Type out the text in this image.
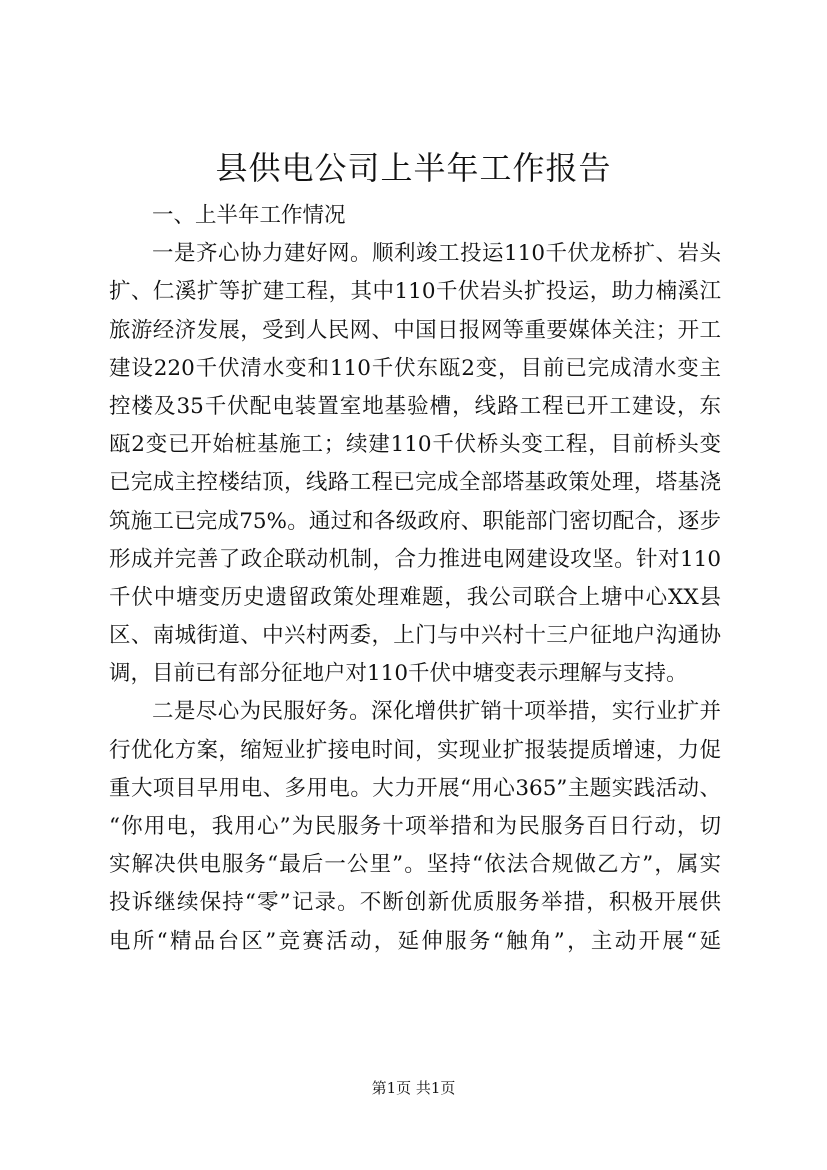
县供电公司上半年工作报告
一、上半年工作情况
一是齐心协力建好网。顺利竣工投运110千伏龙桥扩、岩头
扩、仁溪扩等扩建工程，其中110千伏岩头扩投运，助力楠溪江
旅游经济发展，受到人民网、中国日报网等重要媒体关注；开工
建设220千伏清水变和110千伏东瓯2变，目前已完成清水变主
控楼及35千伏配电装置室地基验槽，线路工程已开工建设，东
瓯2变已开始桩基施工；续建110千伏桥头变工程，目前桥头变
已完成主控楼结顶，线路工程已完成全部塔基政策处理，塔基浇
筑施工已完成75%。通过和各级政府、职能部门密切配合，逐步
形成并完善了政企联动机制，合力推进电网建设攻坚。针对110
千伏中塘变历史遗留政策处理难题，我公司联合上塘中心XX县
区、南城街道、中兴村两委，上门与中兴村十三户征地户沟通协
调，目前已有部分征地户对110千伏中塘变表示理解与支持。
二是尽心为民服好务。深化增供扩销十项举措，实行业扩并
行优化方案，缩短业扩接电时间，实现业扩报装提质增速，力促
重大项目早用电、多用电。大力开展“用心365”主题实践活动、
“你用电，我用心”为民服务十项举措和为民服务百日行动，切
实解决供电服务“最后一公里”。坚持“依法合规做乙方”，属实
投诉继续保持“零”记录。不断创新优质服务举措，积极开展供
电所“精品台区”竞赛活动，延伸服务“触角”，主动开展“延
第1页 共1页
